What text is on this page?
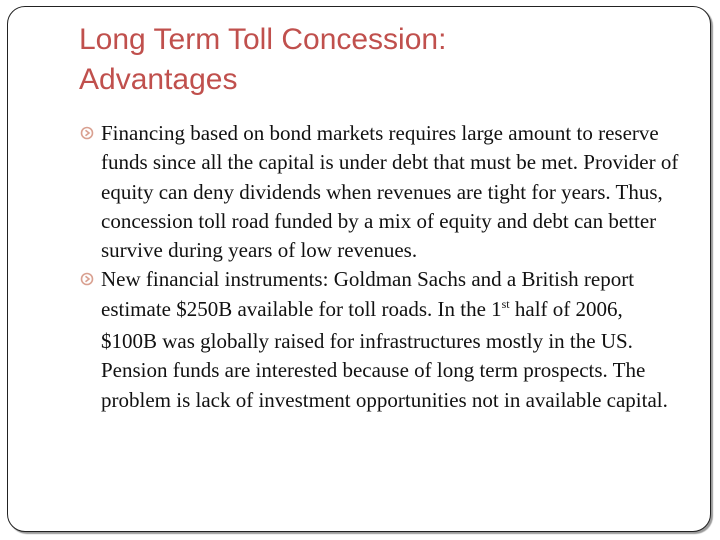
Long Term Toll Concession:
Advantages
Financing based on bond markets requires large amount to reserve funds since all the capital is under debt that must be met. Provider of equity can deny dividends when revenues are tight for years. Thus, concession toll road funded by a mix of equity and debt can better survive during years of low revenues.
New financial instruments: Goldman Sachs and a British report estimate $250B available for toll roads. In the 1st half of 2006, $100B was globally raised for infrastructures mostly in the US. Pension funds are interested because of long term prospects. The problem is lack of investment opportunities not in available capital.
